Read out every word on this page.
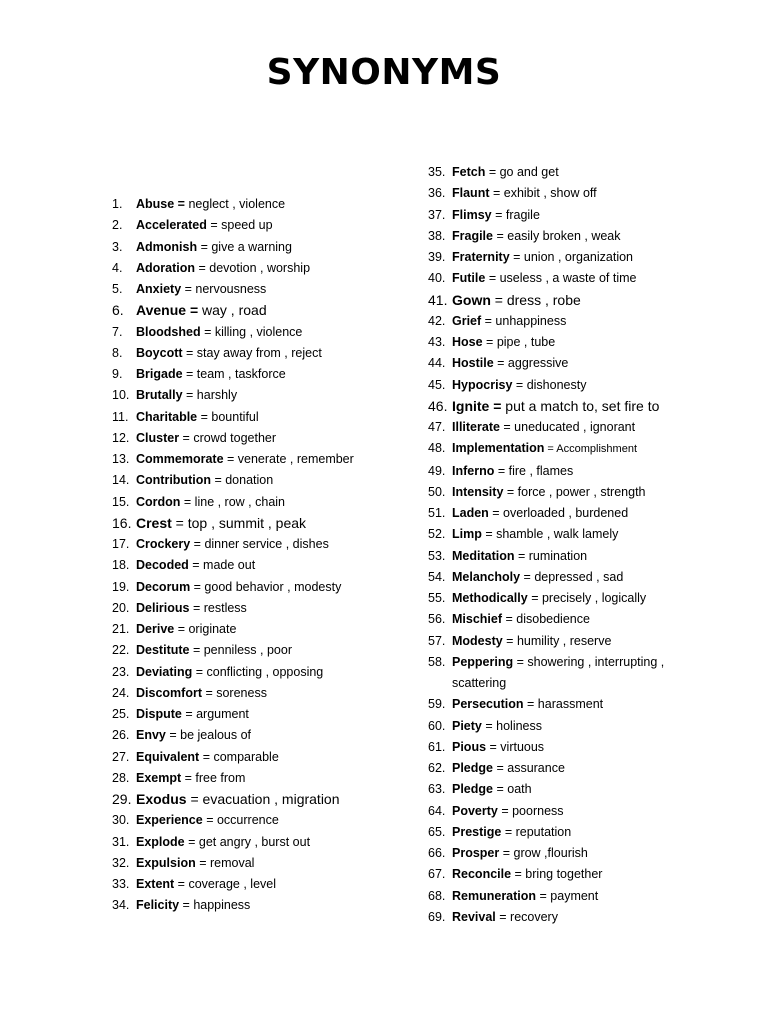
SYNONYMS
1.	Abuse = neglect , violence
2.	Accelerated = speed up
3.	Admonish = give a warning
4.	Adoration = devotion , worship
5.	Anxiety = nervousness
6. Avenue = way , road
7.	Bloodshed = killing , violence
8.	Boycott = stay away from , reject
9.	Brigade = team , taskforce
10. Brutally = harshly
11. Charitable = bountiful
12. Cluster = crowd together
13. Commemorate = venerate , remember
14. Contribution = donation
15. Cordon = line , row , chain
16. Crest = top , summit , peak
17. Crockery = dinner service , dishes
18. Decoded = made out
19. Decorum = good behavior , modesty
20. Delirious = restless
21. Derive = originate
22. Destitute = penniless , poor
23. Deviating = conflicting , opposing
24. Discomfort = soreness
25. Dispute = argument
26. Envy = be jealous of
27. Equivalent = comparable
28. Exempt = free from
29. Exodus = evacuation , migration
30. Experience = occurrence
31. Explode = get angry , burst out
32. Expulsion = removal
33. Extent = coverage , level
34. Felicity = happiness
35. Fetch = go and get
36. Flaunt = exhibit , show off
37. Flimsy = fragile
38. Fragile = easily broken , weak
39. Fraternity = union , organization
40. Futile = useless , a waste of time
41. Gown = dress , robe
42. Grief = unhappiness
43. Hose = pipe , tube
44. Hostile = aggressive
45. Hypocrisy = dishonesty
46. Ignite = put a match to, set fire to
47. Illiterate = uneducated , ignorant
48. Implementation = Accomplishment
49. Inferno = fire , flames
50. Intensity = force , power , strength
51. Laden = overloaded , burdened
52. Limp = shamble , walk lamely
53. Meditation = rumination
54. Melancholy = depressed , sad
55. Methodically = precisely , logically
56. Mischief = disobedience
57. Modesty = humility , reserve
58. Peppering = showering , interrupting ,
scattering
59. Persecution = harassment
60. Piety = holiness
61. Pious = virtuous
62. Pledge = assurance
63. Pledge = oath
64. Poverty = poorness
65. Prestige = reputation
66. Prosper = grow ,flourish
67. Reconcile = bring together
68. Remuneration = payment
69. Revival = recovery
